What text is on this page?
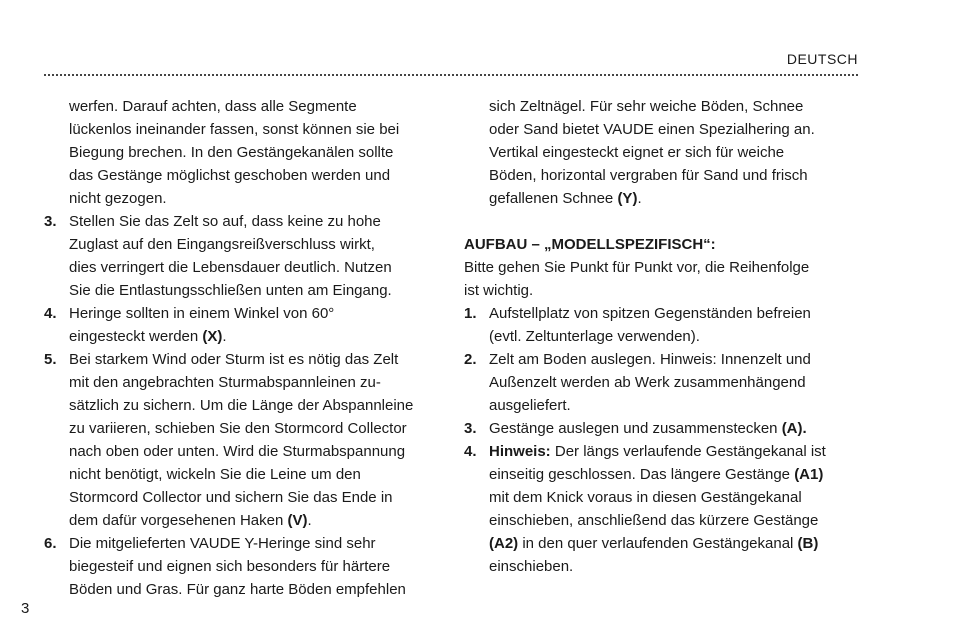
DEUTSCH
werfen. Darauf achten, dass alle Segmente
lückenlos ineinander fassen, sonst können sie bei
Biegung brechen. In den Gestängekanälen sollte
das Gestänge möglichst geschoben werden und
nicht gezogen.
3. Stellen Sie das Zelt so auf, dass keine zu hohe
Zuglast auf den Eingangsreißverschluss wirkt,
dies verringert die Lebensdauer deutlich. Nutzen
Sie die Entlastungsschließen unten am Eingang.
4. Heringe sollten in einem Winkel von 60°
eingesteckt werden (X).
5. Bei starkem Wind oder Sturm ist es nötig das Zelt
mit den angebrachten Sturmabspannleinen zu-
sätzlich zu sichern. Um die Länge der Abspannleine
zu variieren, schieben Sie den Stormcord Collector
nach oben oder unten. Wird die Sturmabspannung
nicht benötigt, wickeln Sie die Leine um den
Stormcord Collector und sichern Sie das Ende in
dem dafür vorgesehenen Haken (V).
6. Die mitgelieferten VAUDE Y-Heringe sind sehr
biegesteif und eignen sich besonders für härtere
Böden und Gras. Für ganz harte Böden empfehlen
sich Zeltnägel. Für sehr weiche Böden, Schnee
oder Sand bietet VAUDE einen Spezialhering an.
Vertikal eingesteckt eignet er sich für weiche
Böden, horizontal vergraben für Sand und frisch
gefallenen Schnee (Y).
AUFBAU – „MODELLSPEZIFISCH“:
Bitte gehen Sie Punkt für Punkt vor, die Reihenfolge
ist wichtig.
1. Aufstellplatz von spitzen Gegenständen befreien
(evtl. Zeltunterlage verwenden).
2. Zelt am Boden auslegen. Hinweis: Innenzelt und
Außenzelt werden ab Werk zusammenhängend
ausgeliefert.
3. Gestänge auslegen und zusammenstecken (A).
4. Hinweis: Der längs verlaufende Gestängekanal ist
einseitig geschlossen. Das längere Gestänge (A1)
mit dem Knick voraus in diesen Gestängekanal
einschieben, anschließend das kürzere Gestänge
(A2) in den quer verlaufenden Gestängekanal (B)
einschieben.
3
